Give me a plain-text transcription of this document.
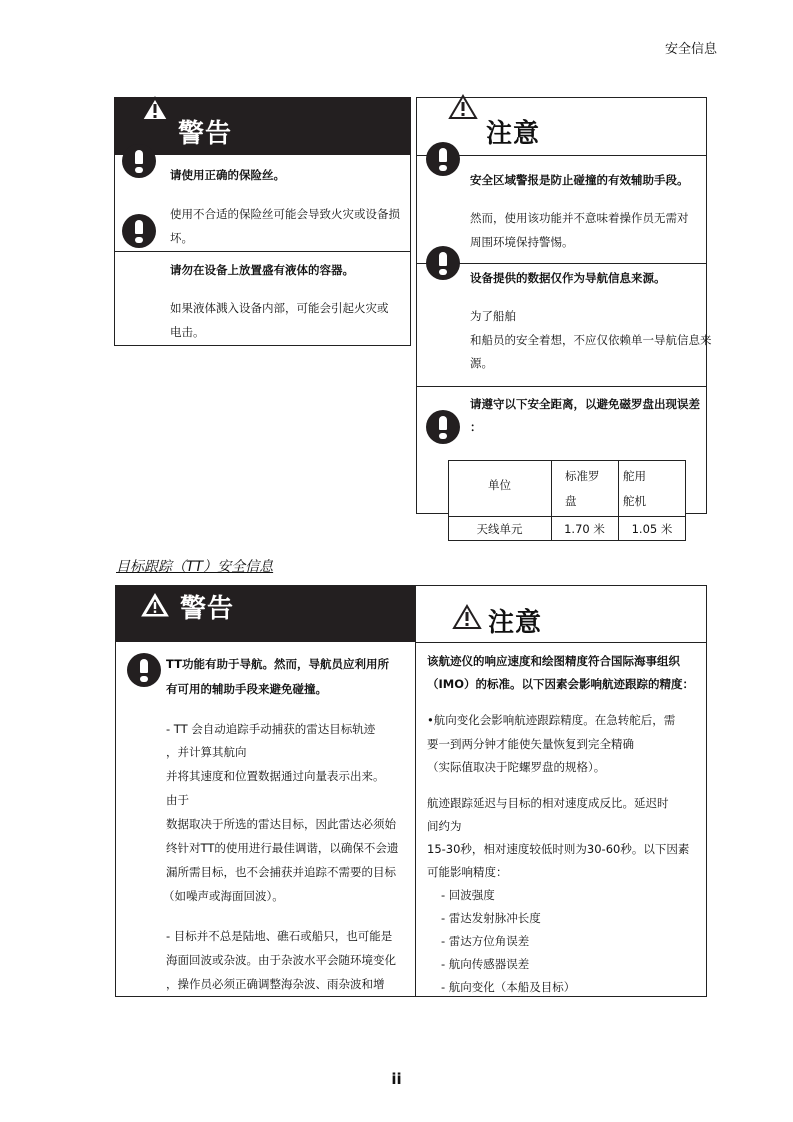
安全信息
警告
请使用正确的保险丝。
使用不合适的保险丝可能会导致火灾或设备损
坏。
请勿在设备上放置盛有液体的容器。
如果液体溅入设备内部，可能会引起火灾或
电击。
注意
安全区域警报是防止碰撞的有效辅助手段。
然而，使用该功能并不意味着操作员无需对
周围环境保持警惕。
设备提供的数据仅作为导航信息来源。
为了船舶
和船员的安全着想，不应仅依赖单一导航信息来
源。
请遵守以下安全距离，以避免磁罗盘出现误差
：
单位
标准罗
盘
舵用
舵机
天线单元	1.70 米	1.05 米
目标跟踪（TT）安全信息
警告
TT功能有助于导航。然而，导航员应利用所
有可用的辅助手段来避免碰撞。
- TT 会自动追踪手动捕获的雷达目标轨迹
，并计算其航向
并将其速度和位置数据通过向量表示出来。
由于
数据取决于所选的雷达目标，因此雷达必须始
终针对TT的使用进行最佳调谐，以确保不会遗
漏所需目标，也不会捕获并追踪不需要的目标
（如噪声或海面回波）。
- 目标并不总是陆地、礁石或船只，也可能是
海面回波或杂波。由于杂波水平会随环境变化
，操作员必须正确调整海杂波、雨杂波和增
注意
该航迹仪的响应速度和绘图精度符合国际海事组织
（IMO）的标准。以下因素会影响航迹跟踪的精度：
•航向变化会影响航迹跟踪精度。在急转舵后，需
要一到两分钟才能使矢量恢复到完全精确
（实际值取决于陀螺罗盘的规格）。
航迹跟踪延迟与目标的相对速度成反比。延迟时
间约为
15-30秒，相对速度较低时则为30-60秒。以下因素
可能影响精度：
- 回波强度
- 雷达发射脉冲长度
- 雷达方位角误差
- 航向传感器误差
- 航向变化（本船及目标）
ii
